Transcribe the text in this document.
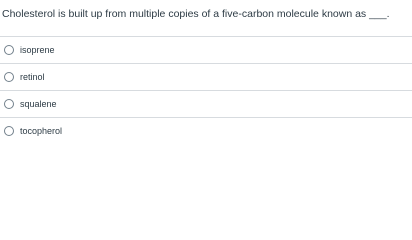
Cholesterol is built up from multiple copies of a five-carbon molecule known as ___.
isoprene
retinol
squalene
tocopherol
